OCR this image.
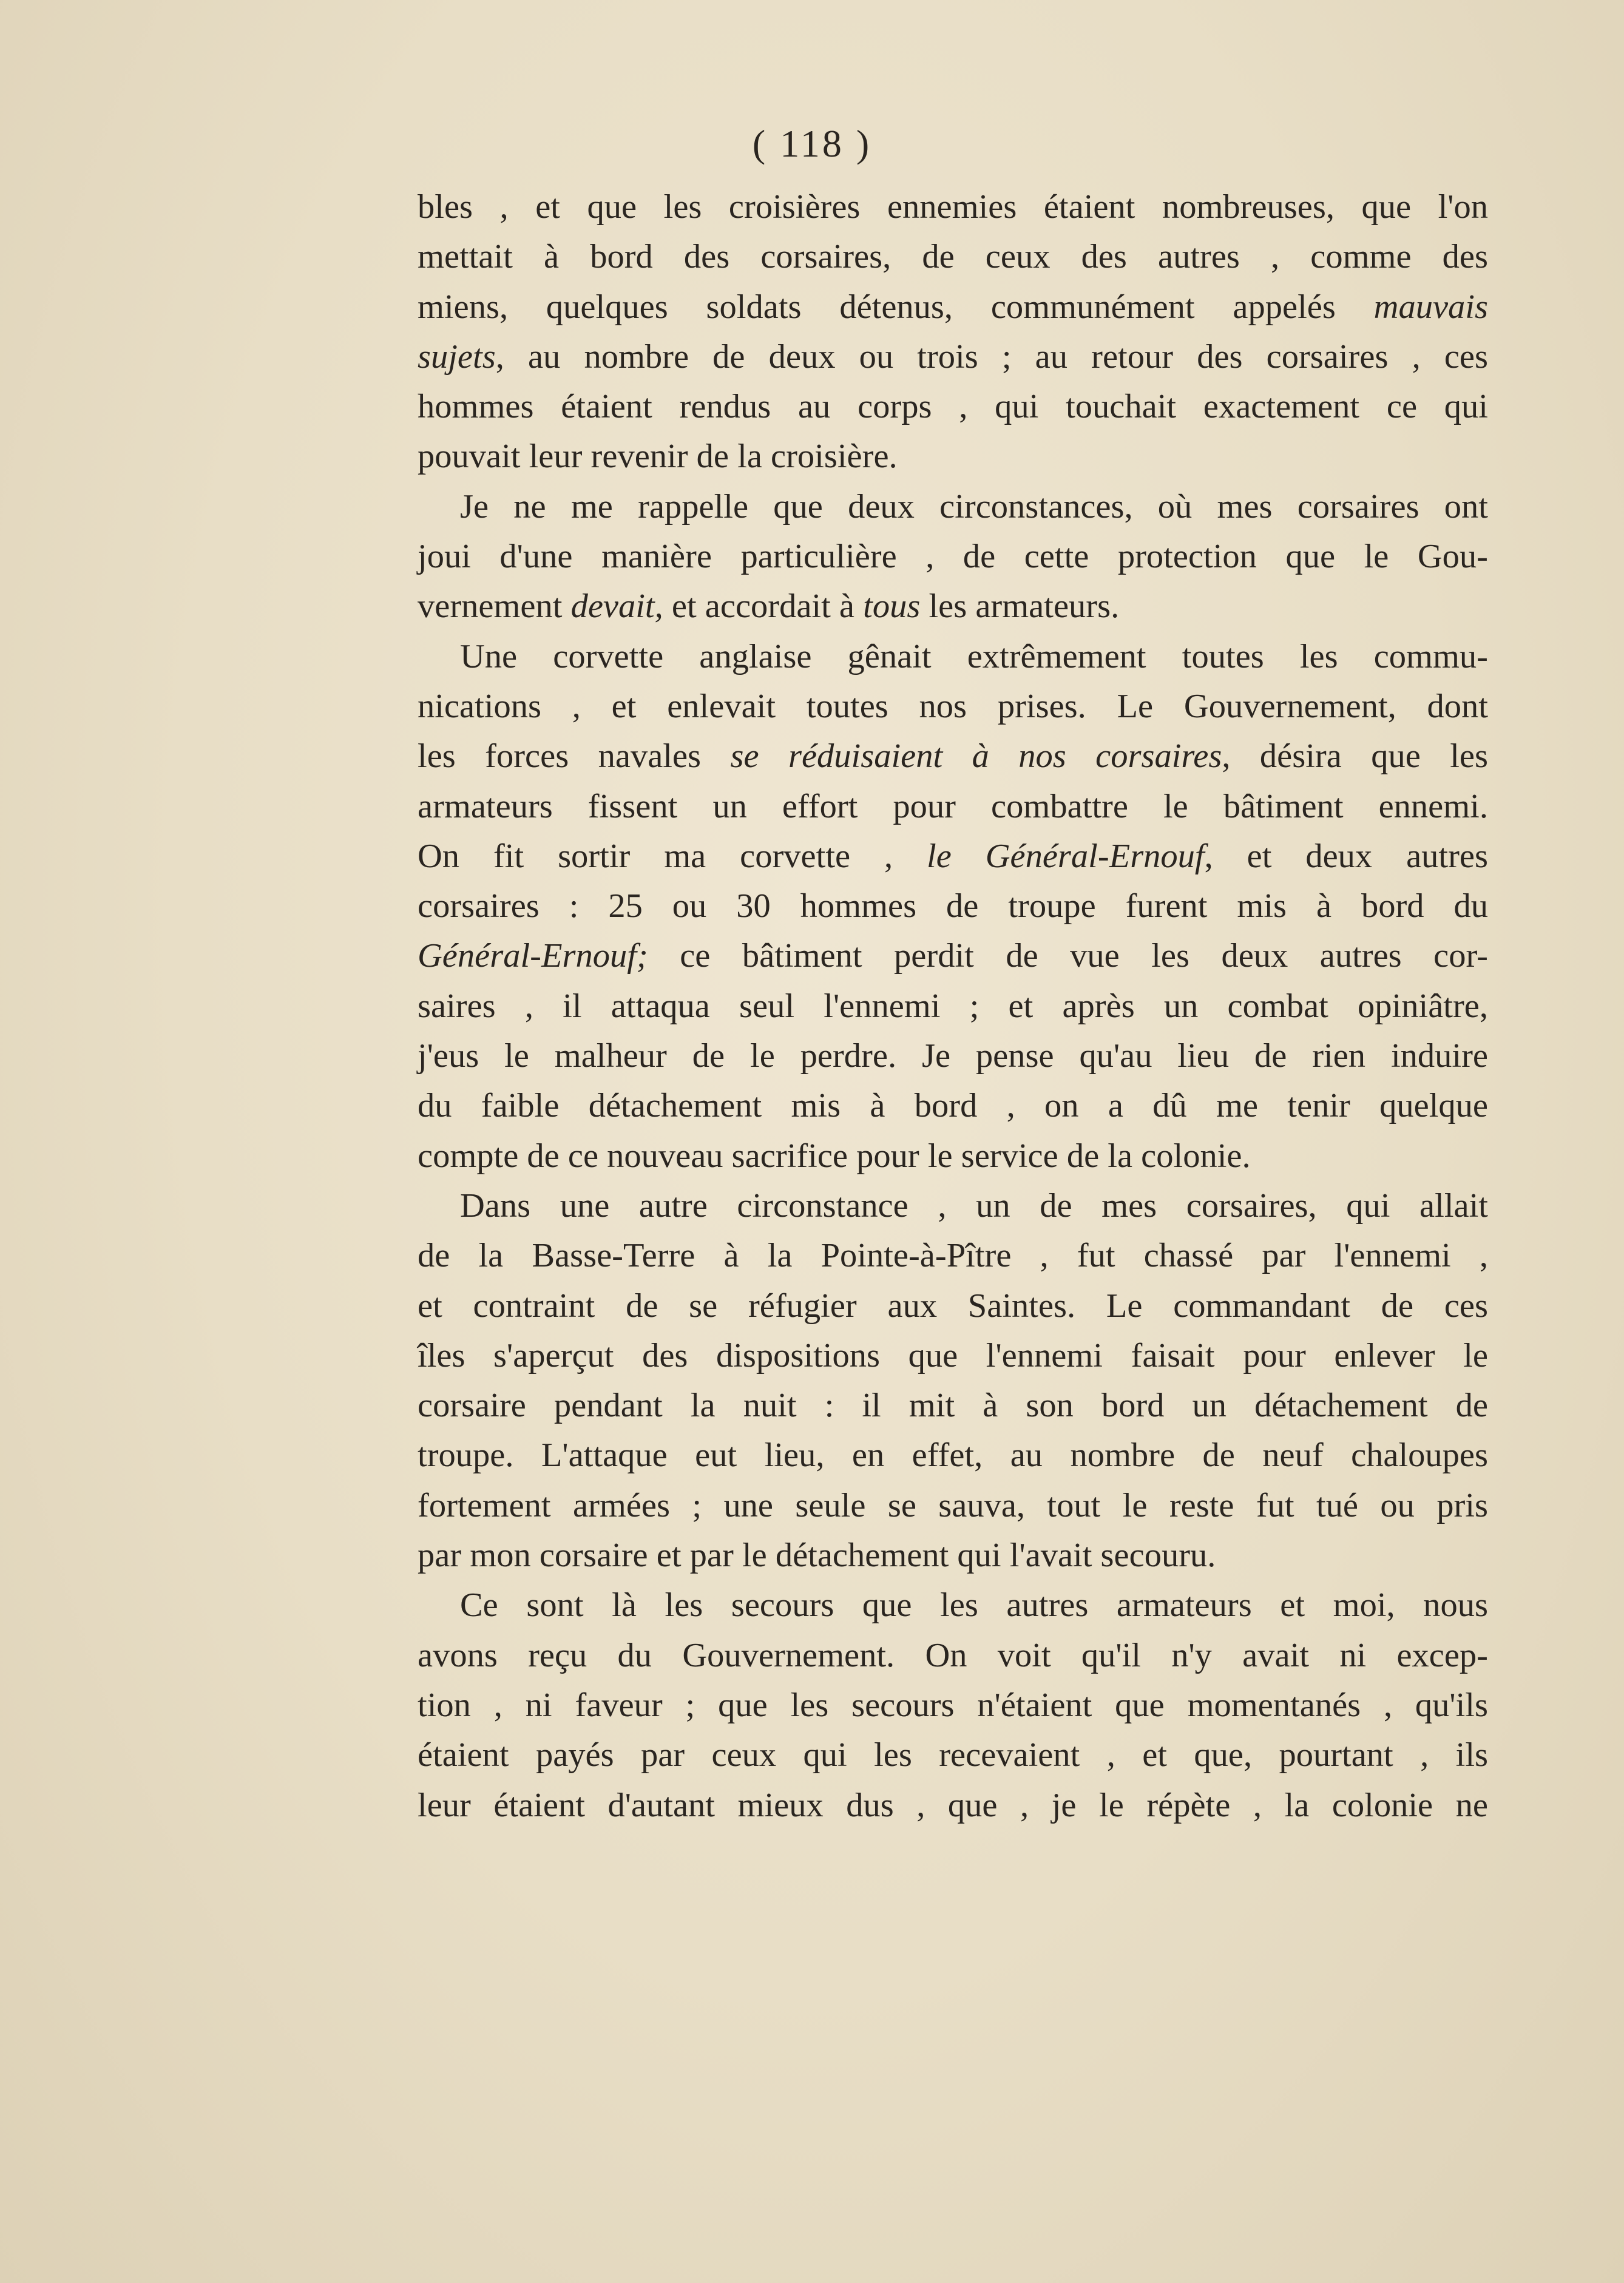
( 118 )

bles , et que les croisières ennemies étaient nombreuses, que l'on
mettait à bord des corsaires, de ceux des autres , comme des
miens, quelques soldats détenus, communément appelés mauvais
sujets, au nombre de deux ou trois ; au retour des corsaires , ces
hommes étaient rendus au corps , qui touchait exactement ce qui
pouvait leur revenir de la croisière.

Je ne me rappelle que deux circonstances, où mes corsaires ont
joui d'une manière particulière , de cette protection que le Gou-
vernement devait, et accordait à tous les armateurs.

Une corvette anglaise gênait extrêmement toutes les commu-
nications , et enlevait toutes nos prises. Le Gouvernement, dont
les forces navales se réduisaient à nos corsaires, désira que les
armateurs fissent un effort pour combattre le bâtiment ennemi.
On fit sortir ma corvette , le Général-Ernouf, et deux autres
corsaires : 25 ou 30 hommes de troupe furent mis à bord du
Général-Ernouf; ce bâtiment perdit de vue les deux autres cor-
saires , il attaqua seul l'ennemi ; et après un combat opiniâtre,
j'eus le malheur de le perdre. Je pense qu'au lieu de rien induire
du faible détachement mis à bord , on a dû me tenir quelque
compte de ce nouveau sacrifice pour le service de la colonie.

Dans une autre circonstance , un de mes corsaires, qui allait
de la Basse-Terre à la Pointe-à-Pître , fut chassé par l'ennemi ,
et contraint de se réfugier aux Saintes. Le commandant de ces
îles s'aperçut des dispositions que l'ennemi faisait pour enlever le
corsaire pendant la nuit : il mit à son bord un détachement de
troupe. L'attaque eut lieu, en effet, au nombre de neuf chaloupes
fortement armées ; une seule se sauva, tout le reste fut tué ou pris
par mon corsaire et par le détachement qui l'avait secouru.

Ce sont là les secours que les autres armateurs et moi, nous
avons reçu du Gouvernement. On voit qu'il n'y avait ni excep-
tion , ni faveur ; que les secours n'étaient que momentanés , qu'ils
étaient payés par ceux qui les recevaient , et que, pourtant , ils
leur étaient d'autant mieux dus , que , je le répète , la colonie ne
